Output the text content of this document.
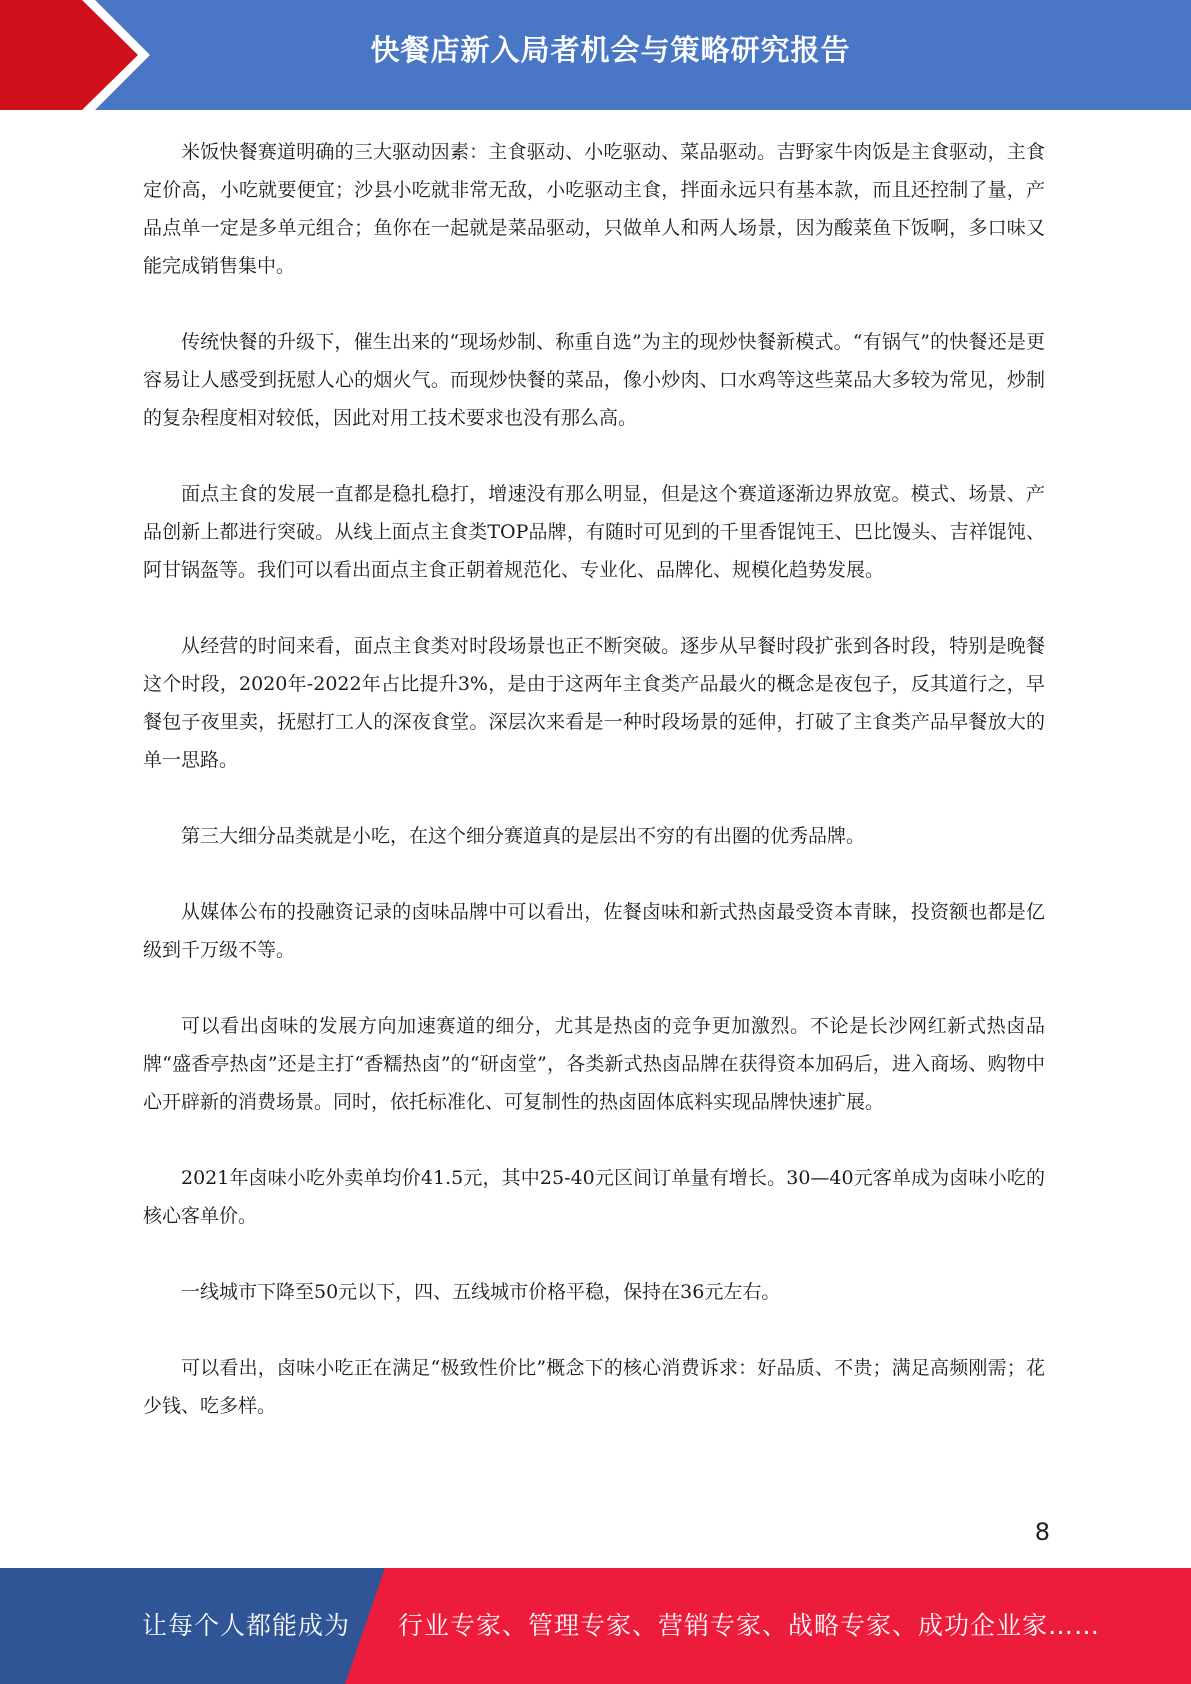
快餐店新入局者机会与策略研究报告

米饭快餐赛道明确的三大驱动因素：主食驱动、小吃驱动、菜品驱动。吉野家牛肉饭是主食驱动，主食定价高，小吃就要便宜；沙县小吃就非常无敌，小吃驱动主食，拌面永远只有基本款，而且还控制了量，产品点单一定是多单元组合；鱼你在一起就是菜品驱动，只做单人和两人场景，因为酸菜鱼下饭啊，多口味又能完成销售集中。

传统快餐的升级下，催生出来的“现场炒制、称重自选”为主的现炒快餐新模式。“有锅气”的快餐还是更容易让人感受到抚慰人心的烟火气。而现炒快餐的菜品，像小炒肉、口水鸡等这些菜品大多较为常见，炒制的复杂程度相对较低，因此对用工技术要求也没有那么高。

面点主食的发展一直都是稳扎稳打，增速没有那么明显，但是这个赛道逐渐边界放宽。模式、场景、产品创新上都进行突破。从线上面点主食类TOP品牌，有随时可见到的千里香馄饨王、巴比馒头、吉祥馄饨、阿甘锅盔等。我们可以看出面点主食正朝着规范化、专业化、品牌化、规模化趋势发展。

从经营的时间来看，面点主食类对时段场景也正不断突破。逐步从早餐时段扩张到各时段，特别是晚餐这个时段，2020年-2022年占比提升3%，是由于这两年主食类产品最火的概念是夜包子，反其道行之，早餐包子夜里卖，抚慰打工人的深夜食堂。深层次来看是一种时段场景的延伸，打破了主食类产品早餐放大的单一思路。

第三大细分品类就是小吃，在这个细分赛道真的是层出不穷的有出圈的优秀品牌。

从媒体公布的投融资记录的卤味品牌中可以看出，佐餐卤味和新式热卤最受资本青睐，投资额也都是亿级到千万级不等。

可以看出卤味的发展方向加速赛道的细分，尤其是热卤的竞争更加激烈。不论是长沙网红新式热卤品牌“盛香亭热卤”还是主打“香糯热卤”的“研卤堂”，各类新式热卤品牌在获得资本加码后，进入商场、购物中心开辟新的消费场景。同时，依托标准化、可复制性的热卤固体底料实现品牌快速扩展。

2021年卤味小吃外卖单均价41.5元，其中25-40元区间订单量有增长。30—40元客单成为卤味小吃的核心客单价。

一线城市下降至50元以下，四、五线城市价格平稳，保持在36元左右。

可以看出，卤味小吃正在满足“极致性价比”概念下的核心消费诉求：好品质、不贵；满足高频刚需；花少钱、吃多样。

8
让每个人都能成为 行业专家、管理专家、营销专家、战略专家、成功企业家……
